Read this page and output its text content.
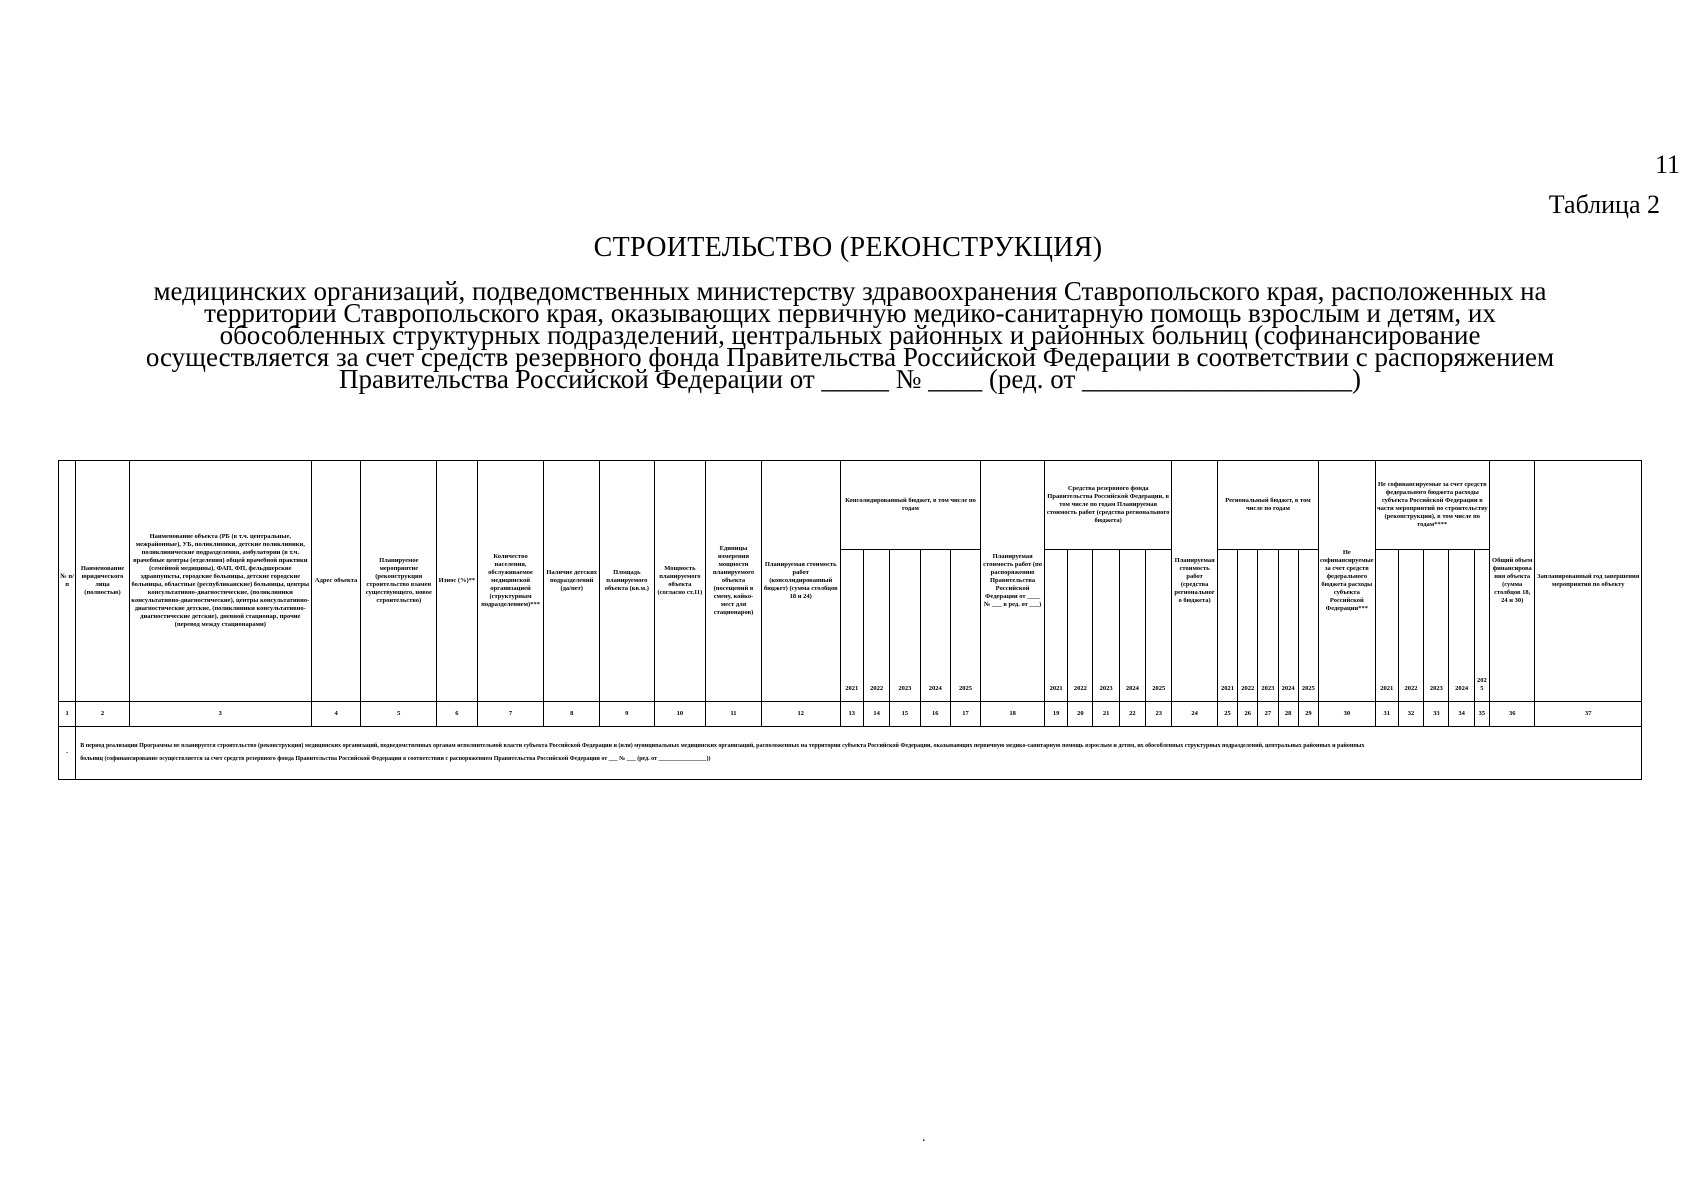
11
Таблица 2
СТРОИТЕЛЬСТВО (РЕКОНСТРУКЦИЯ)
медицинских организаций, подведомственных министерству здравоохранения Ставропольского края, расположенных на
территории Ставропольского края, оказывающих первичную медико-санитарную помощь взрослым и детям, их
обособленных структурных подразделений, центральных районных и районных больниц (софинансирование
осуществляется за счет средств резервного фонда Правительства Российской Федерации в соответствии с распоряжением
Правительства Российской Федерации от _____ № ____ (ред. от ____________________)
№ п/п	Наименование юридического лица (полностью)	Наименование объекта (РБ (в т.ч. центральные, межрайонные), УБ, поликлиники, детские поликлиники, поликлинические подразделения, амбулатории (в т.ч. врачебные центры (отделения) общей врачебной практики (семейной медицины), ФАП, ФП, фельдшерские здравпункты, городские больницы, детские городские больницы, областные (республиканские) больницы, центры консультативно-диагностические, (поликлиники консультативно-диагностические), центры консультативно-диагностические детские, (поликлиники консультативно-диагностические детские), дневной стационар, прочие (перевод между стационарами)	Адрес объекта	Планируемое мероприятие (реконструкция строительство взамен существующего, новое строительство)	Износ (%)**	Количество населения, обслуживаемое медицинской организацией (структурным подразделением)***	Наличие детских подразделений (да/нет)	Площадь планируемого объекта (кв.м.)	Мощность планируемого объекта (согласно ст.11)	Единицы измерения мощности планируемого объекта (посещений в смену, койко-мест для стационаров)	Планируемая стоимость работ (консолидированный бюджет) (сумма столбцов 18 и 24)	Консолидированный бюджет, в том числе по годам					Планируемая стоимость работ (по распоряжению Правительства Российской Федерации от ____ № ___ в ред. от ___)	Средства резервного фонда Правительства Российской Федерации, в том числе по годам Планируемая стоимость работ (средства регионального бюджета)					Планируемая стоимость работ (средства регионального бюджета)	Региональный бюджет, в том числе по годам					Не софинансируемые за счет средств федерального бюджета расходы субъекта Российской Федерации***	Не софинансируемые за счет средств федерального бюджета расходы субъекта Российской Федерации в части мероприятий по строительству (реконструкции), в том числе по годам****					Общий объем финансирования объекта (сумма столбцов 18, 24 и 30)	Запланированный год завершения мероприятия по объекту
												2021	2022	2023	2024	2025		2021	2022	2023	2024	2025		2021	2022	2023	2024	2025		2021	2022	2023	2024	2025		
1	2	3	4	5	6	7	8	9	10	11	12	13	14	15	16	17	18	19	20	21	22	23	24	25	26	27	28	29	30	31	32	33	34	35	36	37
-	В период реализации Программы не планируется строительство (реконструкция) медицинских организаций, подведомственных органам исполнительной власти субъекта Российской Федерации и (или) муниципальных медицинских организаций, расположенных на территории субъекта Российской Федерации, оказывающих первичную медико-санитарную помощь взрослым и детям, их обособленных структурных подразделений, центральных районных и районных
больниц (софинансирование осуществляется за счет средств резервного фонда Правительства Российской Федерации в соответствии с распоряжением Правительства Российской Федерации от ___ № ___ (ред. от ________________))																																			
.
